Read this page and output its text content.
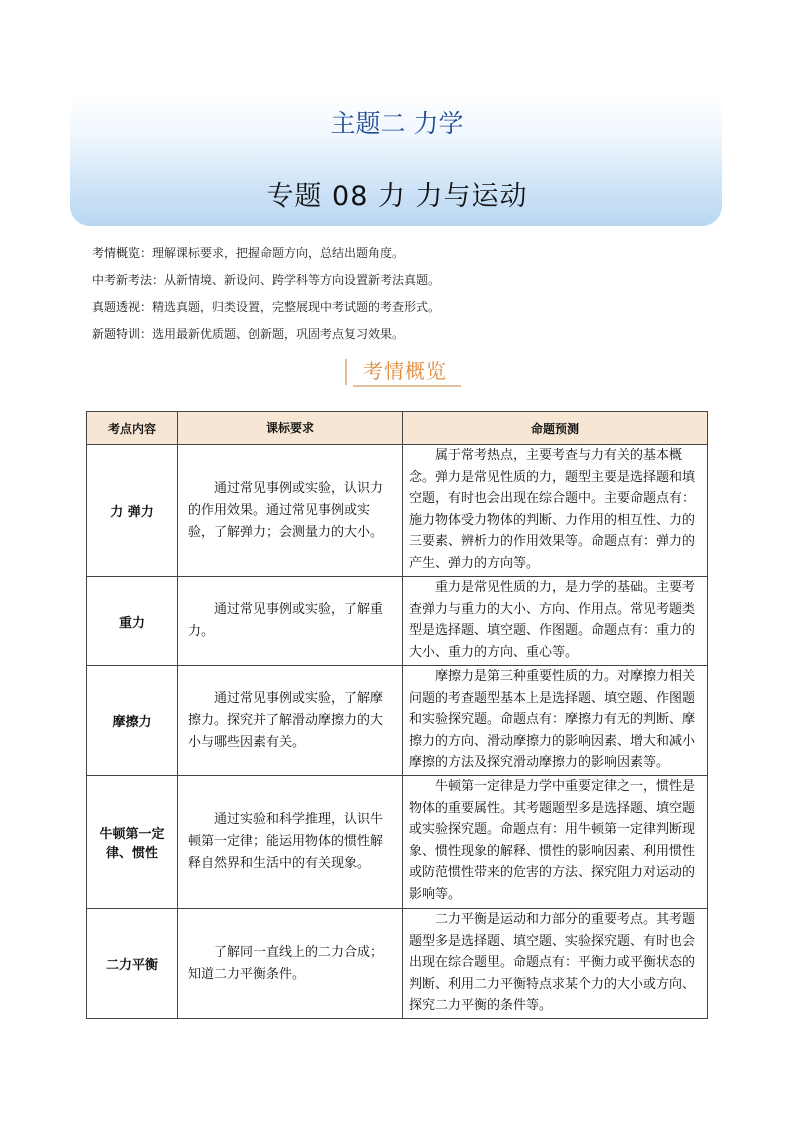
主题二 力学
专题 08 力 力与运动
考情概览：理解课标要求，把握命题方向，总结出题角度。
中考新考法：从新情境、新设问、跨学科等方向设置新考法真题。
真题透视：精选真题，归类设置，完整展现中考试题的考查形式。
新题特训：选用最新优质题、创新题，巩固考点复习效果。
考情概览
考点内容	课标要求	命题预测
力 弹力	通过常见事例或实验，认识力的作用效果。通过常见事例或实验，了解弹力；会测量力的大小。	属于常考热点，主要考查与力有关的基本概念。弹力是常见性质的力，题型主要是选择题和填空题，有时也会出现在综合题中。主要命题点有：施力物体受力物体的判断、力作用的相互性、力的三要素、辨析力的作用效果等。命题点有：弹力的产生、弹力的方向等。

重力	通过常见事例或实验，了解重力。	重力是常见性质的力，是力学的基础。主要考查弹力与重力的大小、方向、作用点。常见考题类型是选择题、填空题、作图题。命题点有：重力的大小、重力的方向、重心等。

摩擦力	通过常见事例或实验，了解摩擦力。探究并了解滑动摩擦力的大小与哪些因素有关。	摩擦力是第三种重要性质的力。对摩擦力相关问题的考查题型基本上是选择题、填空题、作图题和实验探究题。命题点有：摩擦力有无的判断、摩擦力的方向、滑动摩擦力的影响因素、增大和减小摩擦的方法及探究滑动摩擦力的影响因素等。

牛顿第一定律、惯性	通过实验和科学推理，认识牛顿第一定律；能运用物体的惯性解释自然界和生活中的有关现象。	牛顿第一定律是力学中重要定律之一，惯性是物体的重要属性。其考题题型多是选择题、填空题或实验探究题。命题点有：用牛顿第一定律判断现象、惯性现象的解释、惯性的影响因素、利用惯性或防范惯性带来的危害的方法、探究阻力对运动的影响等。

二力平衡	了解同一直线上的二力合成；知道二力平衡条件。	二力平衡是运动和力部分的重要考点。其考题题型多是选择题、填空题、实验探究题、有时也会出现在综合题里。命题点有：平衡力或平衡状态的判断、利用二力平衡特点求某个力的大小或方向、探究二力平衡的条件等。
